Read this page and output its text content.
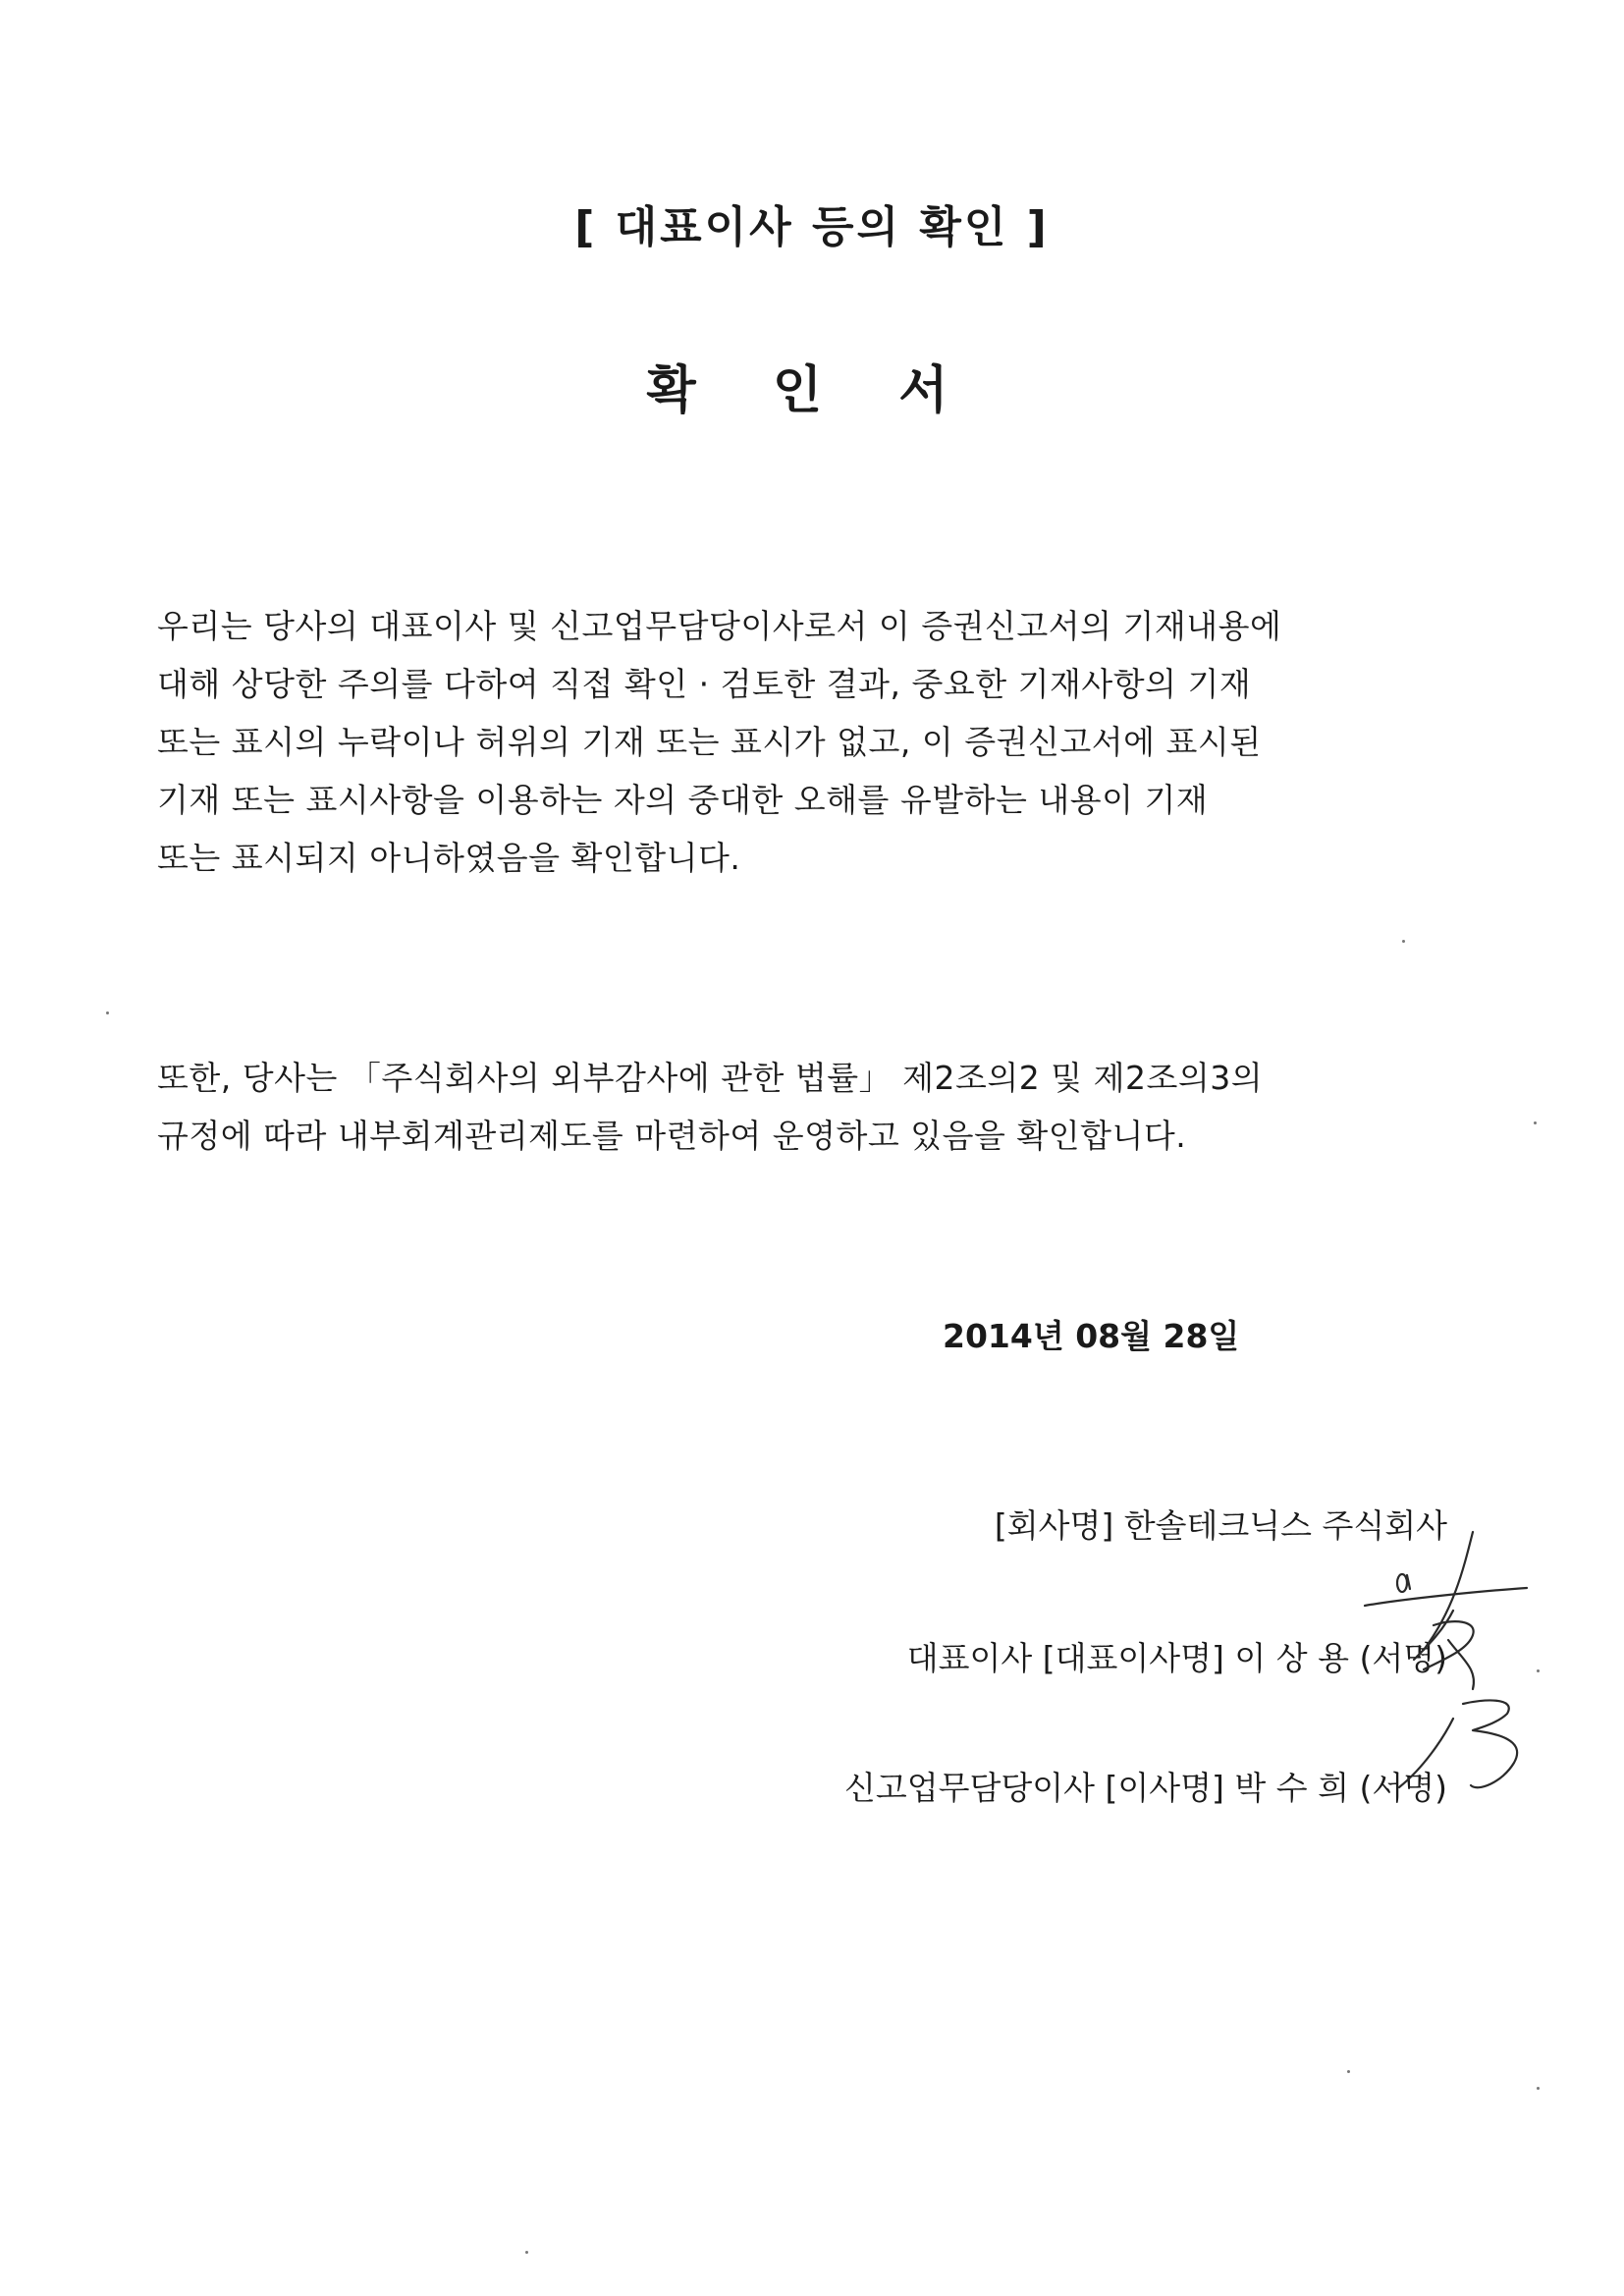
[ 대표이사 등의 확인 ]
확 인 서
우리는 당사의 대표이사 및 신고업무담당이사로서 이 증권신고서의 기재내용에
대해 상당한 주의를 다하여 직접 확인 · 검토한 결과, 중요한 기재사항의 기재
또는 표시의 누락이나 허위의 기재 또는 표시가 없고, 이 증권신고서에 표시된
기재 또는 표시사항을 이용하는 자의 중대한 오해를 유발하는 내용이 기재
또는 표시되지 아니하였음을 확인합니다.
또한, 당사는 「주식회사의 외부감사에 관한 법률」 제2조의2 및 제2조의3의
규정에 따라 내부회계관리제도를 마련하여 운영하고 있음을 확인합니다.
2014년 08월 28일
[회사명] 한솔테크닉스 주식회사
대표이사 [대표이사명] 이 상 용 (서명)
신고업무담당이사 [이사명] 박 수 희 (서명)
